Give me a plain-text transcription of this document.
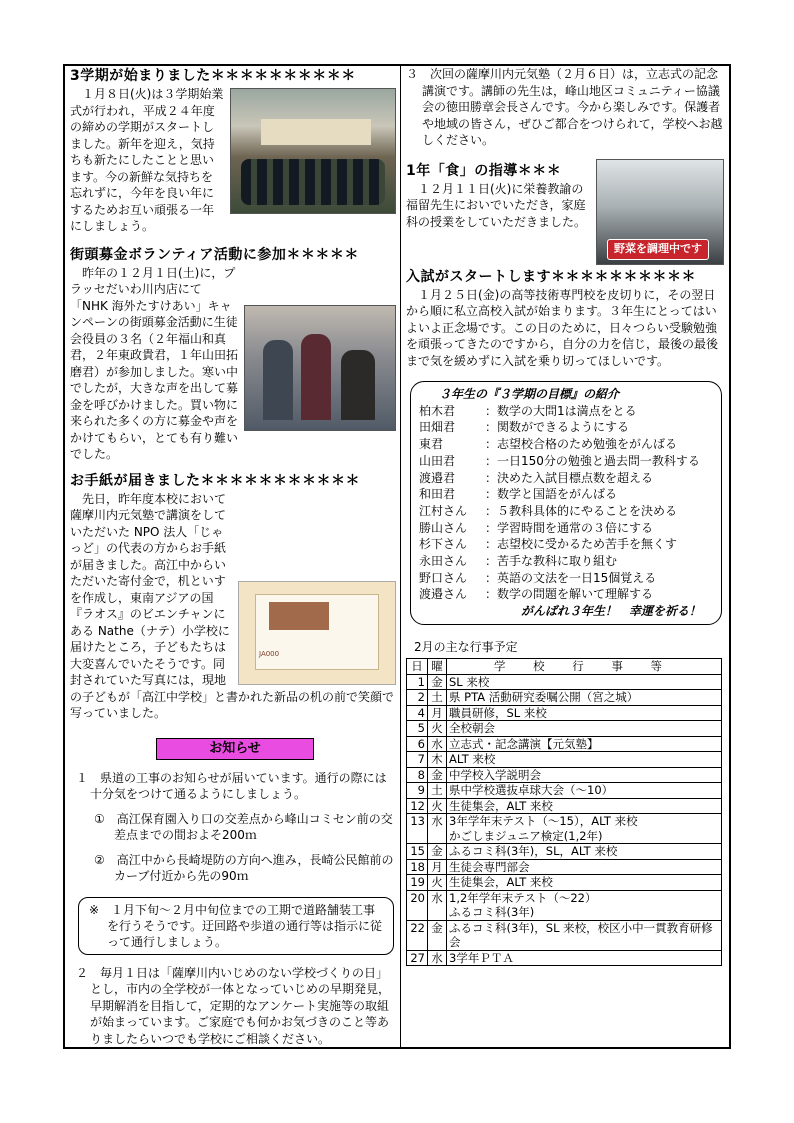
3学期が始まりました＊＊＊＊＊＊＊＊＊＊

１月８日(火)は３学期始業式が行われ，平成２４年度の締めの学期がスタートしました。新年を迎え，気持ちも新たにしたことと思います。今の新鮮な気持ちを忘れずに，今年を良い年にするためお互い頑張る一年にしましょう。

街頭募金ボランティア活動に参加＊＊＊＊＊

昨年の１２月１日(土)に，プラッセだいわ川内店にて「NHK 海外たすけあい」キャンペーンの街頭募金活動に生徒会役員の３名（２年福山和真君，２年東政貴君，１年山田拓磨君）が参加しました。寒い中でしたが，大きな声を出して募金を呼びかけました。買い物に来られた多くの方に募金や声をかけてもらい，とても有り難いでした。

お手紙が届きました＊＊＊＊＊＊＊＊＊＊＊
JA000

先日，昨年度本校において薩摩川内元気塾で講演をしていただいた NPO 法人「じゃっど」の代表の方からお手紙が届きました。高江中からいただいた寄付金で，机といすを作成し，東南アジアの国『ラオス』のビエンチャンにある Nathe（ナテ）小学校に届けたところ，子どもたちは大変喜んでいたそうです。同封されていた写真には，現地の子どもが「高江中学校」と書かれた新品の机の前で笑顔で写っていました。

お知らせ
１　県道の工事のお知らせが届いています。通行の際には十分気をつけて通るようにしましょう。
①　高江保育園入り口の交差点から峰山コミセン前の交差点までの間およそ200ｍ
②　高江中から長崎堤防の方向へ進み，長崎公民館前のカーブ付近から先の90ｍ
※　１月下旬～２月中旬位までの工期で道路舗装工事を行うそうです。迂回路や歩道の通行等は指示に従って通行しましょう。
２　毎月１日は「薩摩川内いじめのない学校づくりの日」とし，市内の全学校が一体となっていじめの早期発見，早期解消を目指して，定期的なアンケート実施等の取組が始まっています。ご家庭でも何かお気づきのこと等ありましたらいつでも学校にご相談ください。
３　次回の薩摩川内元気塾（２月６日）は，立志式の記念講演です。講師の先生は，峰山地区コミュニティー協議会の徳田勝章会長さんです。今から楽しみです。保護者や地域の皆さん，ぜひご都合をつけられて，学校へお越しください。
1年「食」の指導＊＊＊
野菜を調理中です

１２月１１日(火)に栄養教諭の福留先生においでいただき，家庭科の授業をしていただきました。

入試がスタートします＊＊＊＊＊＊＊＊＊＊

１月２５日(金)の高等技術専門校を皮切りに，その翌日から順に私立高校入試が始まります。３年生にとってはいよいよ正念場です。この日のために，日々つらい受験勉強を頑張ってきたのですから，自分の力を信じ，最後の最後まで気を緩めずに入試を乗り切ってほしいです。

３年生の『３学期の目標』の紹介
柏木君	：数学の大問1は満点をとる
田畑君	：関数ができるようにする
東君	：志望校合格のため勉強をがんばる
山田君	：一日150分の勉強と過去問一教科する
渡邉君	：決めた入試目標点数を超える
和田君	：数学と国語をがんばる
江村さん	：５教科具体的にやることを決める
勝山さん	：学習時間を通常の３倍にする
杉下さん	：志望校に受かるため苦手を無くす
永田さん	：苦手な教科に取り組む
野口さん	：英語の文法を一日15個覚える
渡邉さん	：数学の問題を解いて理解する
がんばれ３年生！　幸運を祈る！
2月の主な行事予定
日	曜	学 校 行 事 等
1	金	SL 来校
2	土	県 PTA 活動研究委嘱公開（宮之城）
4	月	職員研修，SL 来校
5	火	全校朝会
6	水	立志式・記念講演【元気塾】
7	木	ALT 来校
8	金	中学校入学説明会
9	土	県中学校選抜卓球大会（～10）
12	火	生徒集会，ALT 来校
13	水	3年学年末テスト（～15），ALT 来校
かごしまジュニア検定(1,2年)
15	金	ふるコミ科(3年)，SL，ALT 来校
18	月	生徒会専門部会
19	火	生徒集会，ALT 来校
20	水	1,2年学年末テスト（～22）
ふるコミ科(3年)
22	金	ふるコミ科(3年)，SL 来校，校区小中一貫教育研修会
27	水	3学年ＰＴＡ
